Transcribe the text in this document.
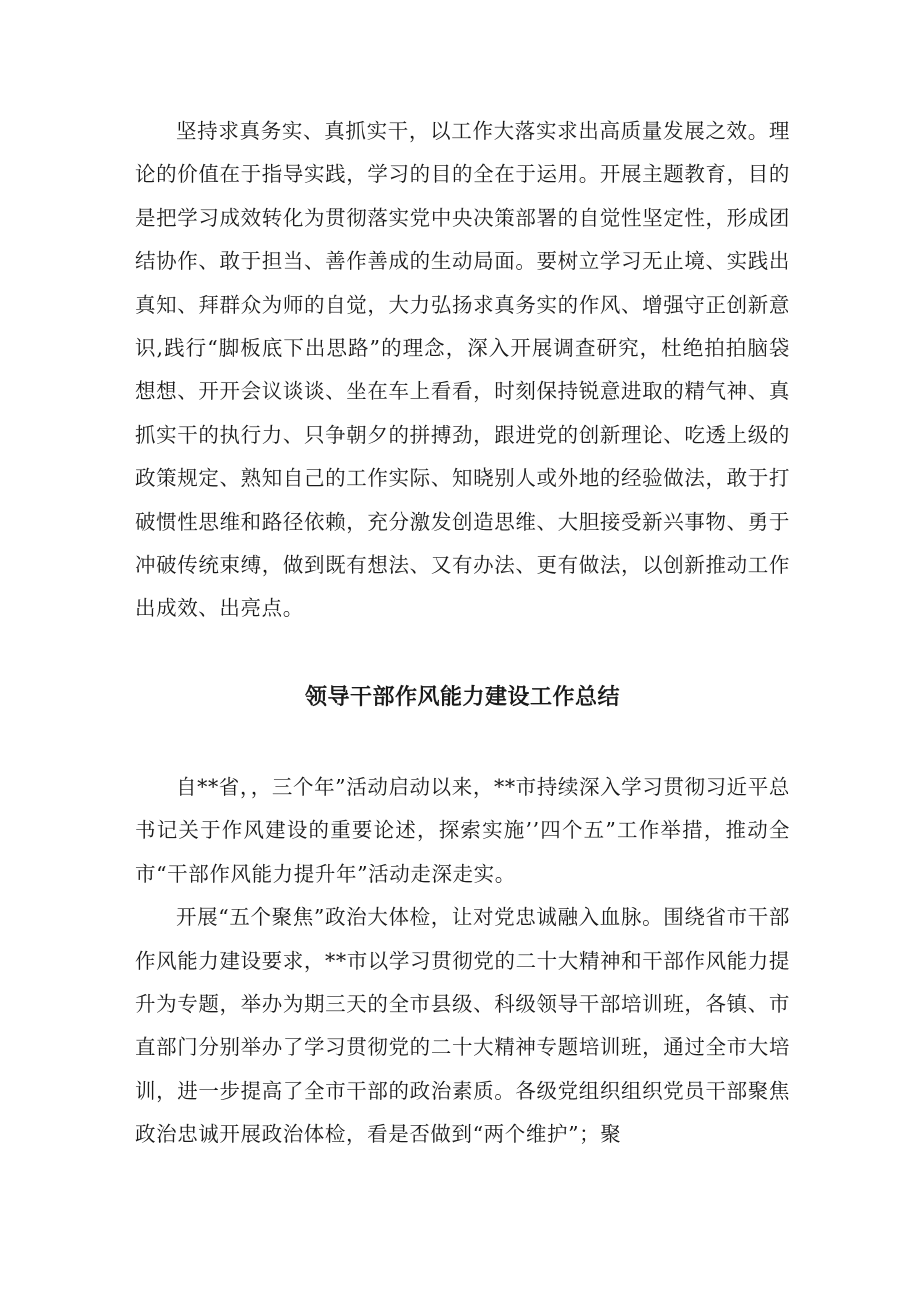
坚持求真务实、真抓实干，以工作大落实求出高质量发展之效。理论的价值在于指导实践，学习的目的全在于运用。开展主题教育，目的是把学习成效转化为贯彻落实党中央决策部署的自觉性坚定性，形成团结协作、敢于担当、善作善成的生动局面。要树立学习无止境、实践出真知、拜群众为师的自觉，大力弘扬求真务实的作风、增强守正创新意识,践行“脚板底下出思路”的理念，深入开展调查研究，杜绝拍拍脑袋想想、开开会议谈谈、坐在车上看看，时刻保持锐意进取的精气神、真抓实干的执行力、只争朝夕的拼搏劲，跟进党的创新理论、吃透上级的政策规定、熟知自己的工作实际、知晓别人或外地的经验做法，敢于打破惯性思维和路径依赖，充分激发创造思维、大胆接受新兴事物、勇于冲破传统束缚，做到既有想法、又有办法、更有做法，以创新推动工作出成效、出亮点。

领导干部作风能力建设工作总结

自**省，，三个年”活动启动以来，**市持续深入学习贯彻习近平总书记关于作风建设的重要论述，探索实施’’四个五”工作举措，推动全市“干部作风能力提升年”活动走深走实。

开展“五个聚焦”政治大体检，让对党忠诚融入血脉。围绕省市干部作风能力建设要求，**市以学习贯彻党的二十大精神和干部作风能力提升为专题，举办为期三天的全市县级、科级领导干部培训班，各镇、市直部门分别举办了学习贯彻党的二十大精神专题培训班，通过全市大培训，进一步提高了全市干部的政治素质。各级党组织组织党员干部聚焦政治忠诚开展政治体检，看是否做到“两个维护”；聚
